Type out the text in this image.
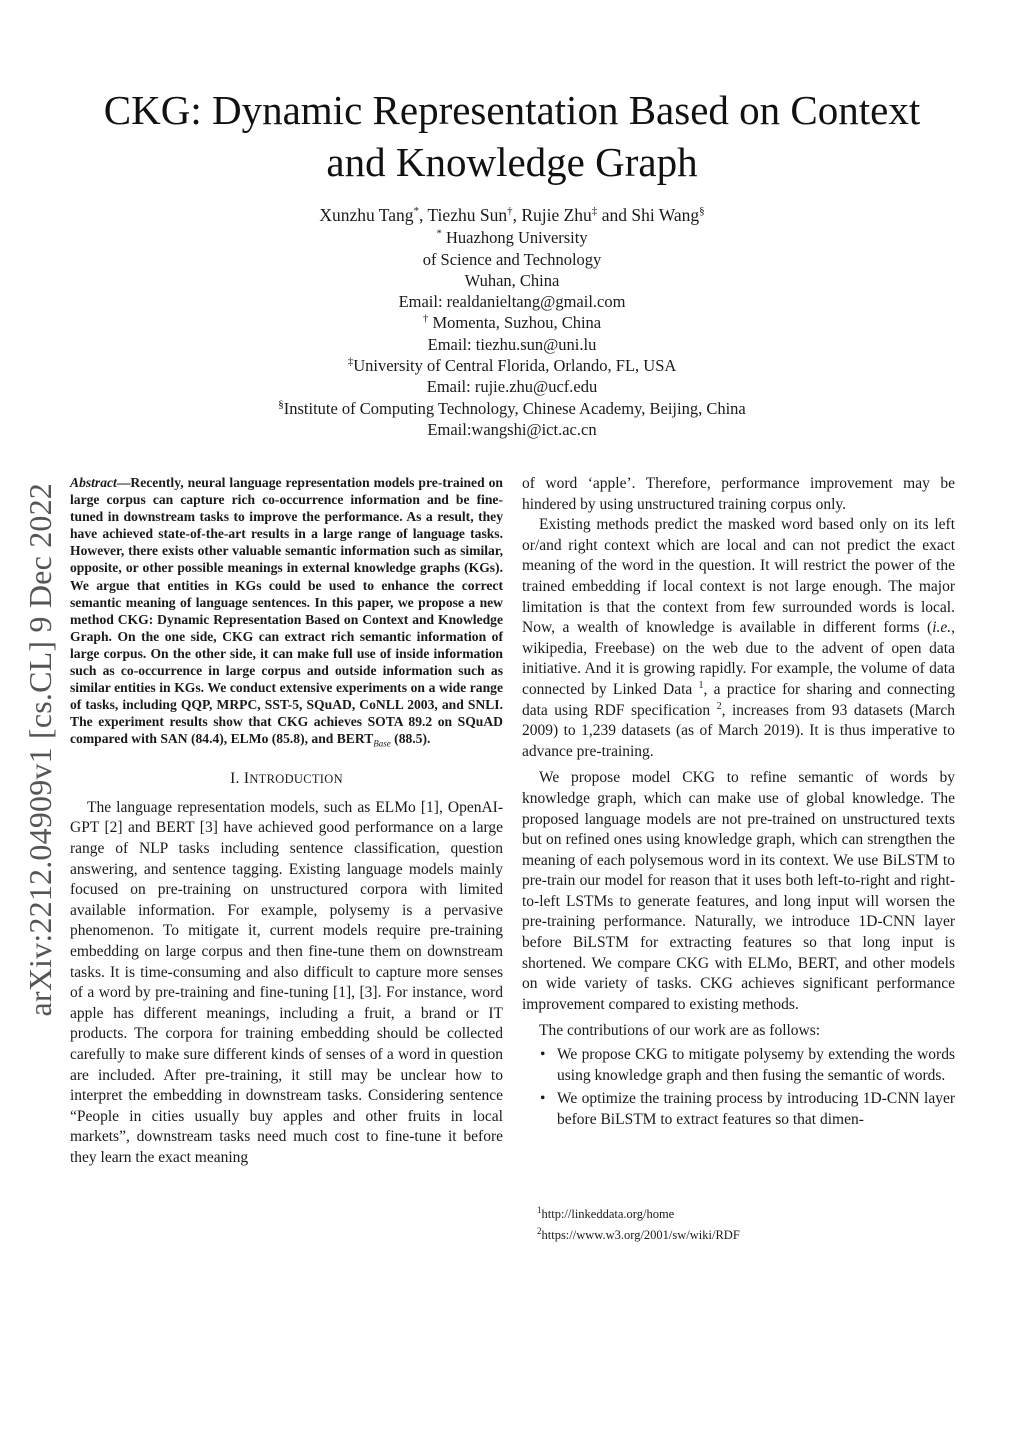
arXiv:2212.04909v1 [cs.CL] 9 Dec 2022
CKG: Dynamic Representation Based on Context
and Knowledge Graph
Xunzhu Tang*, Tiezhu Sun†, Rujie Zhu‡ and Shi Wang§
* Huazhong University
of Science and Technology
Wuhan, China
Email: realdanieltang@gmail.com
† Momenta, Suzhou, China
Email: tiezhu.sun@uni.lu
‡University of Central Florida, Orlando, FL, USA
Email: rujie.zhu@ucf.edu
§Institute of Computing Technology, Chinese Academy, Beijing, China
Email:wangshi@ict.ac.cn

Abstract—Recently, neural language representation models pre-trained on large corpus can capture rich co-occurrence information and be fine-tuned in downstream tasks to improve the performance. As a result, they have achieved state-of-the-art results in a large range of language tasks. However, there exists other valuable semantic information such as similar, opposite, or other possible meanings in external knowledge graphs (KGs). We argue that entities in KGs could be used to enhance the correct semantic meaning of language sentences. In this paper, we propose a new method CKG: Dynamic Representation Based on Context and Knowledge Graph. On the one side, CKG can extract rich semantic information of large corpus. On the other side, it can make full use of inside information such as co-occurrence in large corpus and outside information such as similar entities in KGs. We conduct extensive experiments on a wide range of tasks, including QQP, MRPC, SST-5, SQuAD, CoNLL 2003, and SNLI. The experiment results show that CKG achieves SOTA 89.2 on SQuAD compared with SAN (84.4), ELMo (85.8), and $BERT_{Base}$ (88.5).

I. INTRODUCTION

The language representation models, such as ELMo [1], OpenAI-GPT [2] and BERT [3] have achieved good performance on a large range of NLP tasks including sentence classification, question answering, and sentence tagging. Existing language models mainly focused on pre-training on unstructured corpora with limited available information. For example, polysemy is a pervasive phenomenon. To mitigate it, current models require pre-training embedding on large corpus and then fine-tune them on downstream tasks. It is time-consuming and also difficult to capture more senses of a word by pre-training and fine-tuning [1], [3]. For instance, word apple has different meanings, including a fruit, a brand or IT products. The corpora for training embedding should be collected carefully to make sure different kinds of senses of a word in question are included. After pre-training, it still may be unclear how to interpret the embedding in downstream tasks. Considering sentence “People in cities usually buy apples and other fruits in local markets”, downstream tasks need much cost to fine-tune it before they learn the exact meaning

of word ‘apple’. Therefore, performance improvement may be hindered by using unstructured training corpus only.

Existing methods predict the masked word based only on its left or/and right context which are local and can not predict the exact meaning of the word in the question. It will restrict the power of the trained embedding if local context is not large enough. The major limitation is that the context from few surrounded words is local. Now, a wealth of knowledge is available in different forms (i.e., wikipedia, Freebase) on the web due to the advent of open data initiative. And it is growing rapidly. For example, the volume of data connected by Linked Data $^1$, a practice for sharing and connecting data using RDF specification $^2$, increases from 93 datasets (March 2009) to 1,239 datasets (as of March 2019). It is thus imperative to advance pre-training.

We propose model CKG to refine semantic of words by knowledge graph, which can make use of global knowledge. The proposed language models are not pre-trained on unstructured texts but on refined ones using knowledge graph, which can strengthen the meaning of each polysemous word in its context. We use BiLSTM to pre-train our model for reason that it uses both left-to-right and right-to-left LSTMs to generate features, and long input will worsen the pre-training performance. Naturally, we introduce 1D-CNN layer before BiLSTM for extracting features so that long input is shortened. We compare CKG with ELMo, BERT, and other models on wide variety of tasks. CKG achieves significant performance improvement compared to existing methods.

The contributions of our work are as follows:

• We propose CKG to mitigate polysemy by extending the words using knowledge graph and then fusing the semantic of words.
• We optimize the training process by introducing 1D-CNN layer before BiLSTM to extract features so that dimen-
$^1$http://linkeddata.org/home
$^2$https://www.w3.org/2001/sw/wiki/RDF
